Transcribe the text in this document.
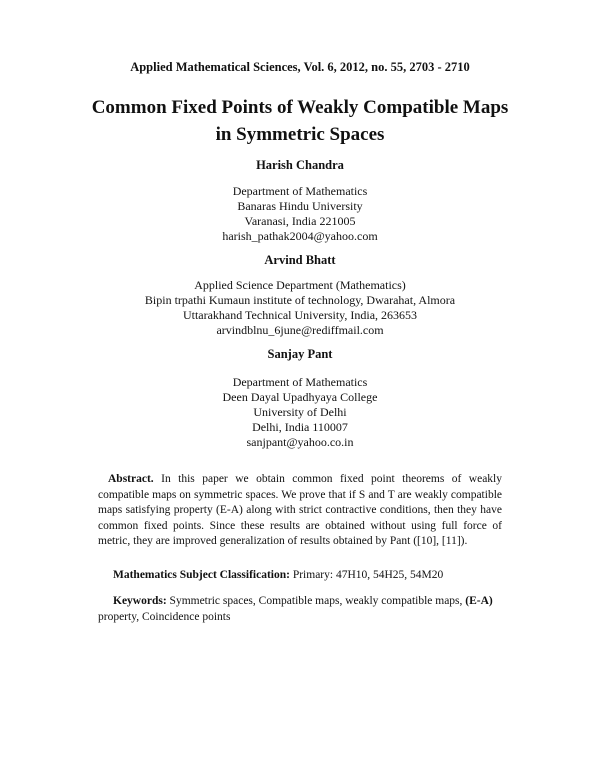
Applied Mathematical Sciences, Vol. 6, 2012, no. 55, 2703 - 2710
Common Fixed Points of Weakly Compatible Maps
in Symmetric Spaces
Harish Chandra
Department of Mathematics
Banaras Hindu University
Varanasi, India 221005
harish_pathak2004@yahoo.com
Arvind Bhatt
Applied Science Department (Mathematics)
Bipin trpathi Kumaun institute of technology, Dwarahat, Almora
Uttarakhand Technical University, India, 263653
arvindblnu_6june@rediffmail.com
Sanjay Pant
Department of Mathematics
Deen Dayal Upadhyaya College
University of Delhi
Delhi, India 110007
sanjpant@yahoo.co.in
Abstract. In this paper we obtain common fixed point theorems of weakly compatible maps on symmetric spaces. We prove that if S and T are weakly compatible maps satisfying property (E-A) along with strict contractive conditions, then they have common fixed points. Since these results are obtained without using full force of metric, they are improved generalization of results obtained by Pant ([10], [11]).
Mathematics Subject Classification: Primary: 47H10, 54H25, 54M20
Keywords: Symmetric spaces, Compatible maps, weakly compatible maps, (E-A) property, Coincidence points
